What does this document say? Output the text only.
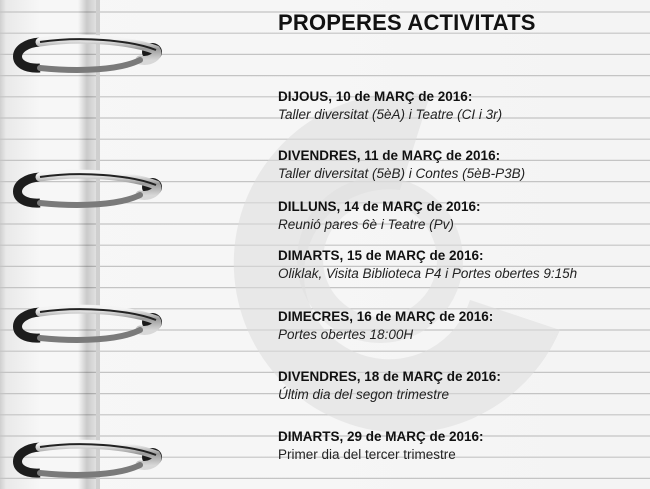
PROPERES ACTIVITATS
DIJOUS, 10 de MARÇ de 2016:
Taller diversitat (5èA) i Teatre (CI i 3r)
DIVENDRES, 11 de MARÇ de 2016:
Taller diversitat (5èB) i Contes (5èB-P3B)
DILLUNS, 14 de MARÇ de 2016:
Reunió pares 6è i Teatre (Pv)
DIMARTS, 15 de MARÇ de 2016:
Oliklak, Visita Biblioteca P4 i Portes obertes 9:15h
DIMECRES, 16 de MARÇ de 2016:
Portes obertes 18:00H
DIVENDRES, 18 de MARÇ de 2016:
Últim dia del segon trimestre
DIMARTS, 29 de MARÇ de 2016:
Primer dia del tercer trimestre
